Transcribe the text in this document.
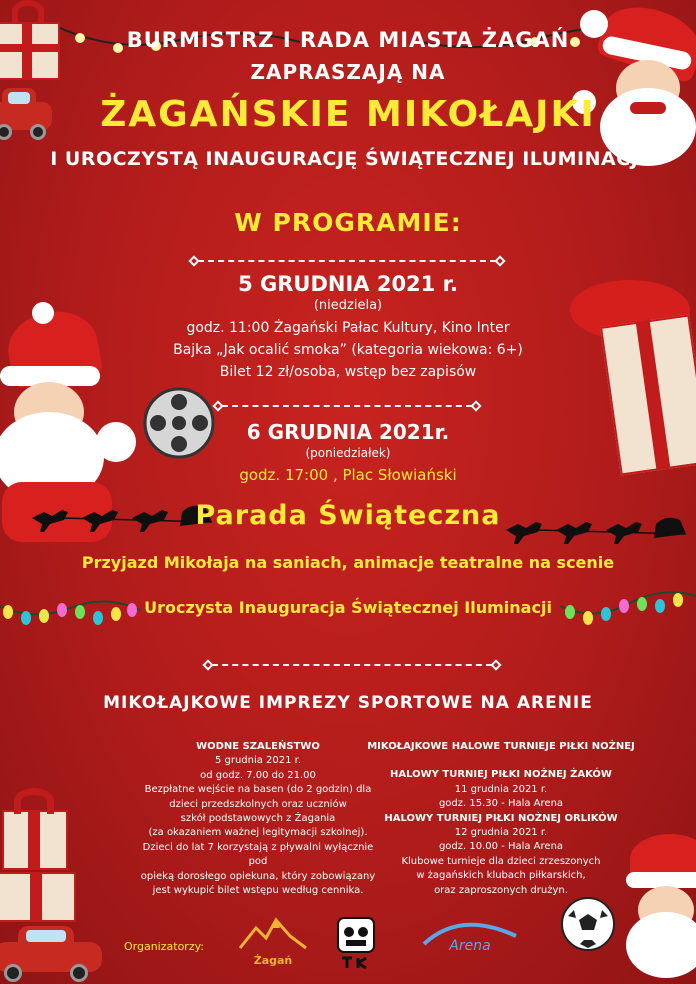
BURMISTRZ I RADA MIASTA ŻAGAŃ
ZAPRASZAJĄ NA
ŻAGAŃSKIE MIKOŁAJKI
I UROCZYSTĄ INAUGURACJĘ ŚWIĄTECZNEJ ILUMINACJI
W PROGRAMIE:
5 GRUDNIA 2021 r.
(niedziela)
godz. 11:00 Żagański Pałac Kultury, Kino Inter
Bajka „Jak ocalić smoka” (kategoria wiekowa: 6+)
Bilet 12 zł/osoba, wstęp bez zapisów
6 GRUDNIA 2021r.
(poniedziałek)
godz. 17:00 , Plac Słowiański
Parada Świąteczna
Przyjazd Mikołaja na saniach, animacje teatralne na scenie
Uroczysta Inauguracja Świątecznej Iluminacji
MIKOŁAJKOWE IMPREZY SPORTOWE NA ARENIE
WODNE SZALEŃSTWO
5 grudnia 2021 r.
od godz. 7.00 do 21.00
Bezpłatne wejście na basen (do 2 godzin) dla
dzieci przedszkolnych oraz uczniów
szkół podstawowych z Żagania
(za okazaniem ważnej legitymacji szkolnej).
Dzieci do lat 7 korzystają z pływalni wyłącznie pod
opieką dorosłego opiekuna, który zobowiązany
jest wykupić bilet wstępu według cennika.
MIKOŁAJKOWE HALOWE TURNIEJE PIŁKI NOŻNEJ
HALOWY TURNIEJ PIŁKI NOŻNEJ ŻAKÓW
11 grudnia 2021 r.
godz. 15.30 - Hala Arena
HALOWY TURNIEJ PIŁKI NOŻNEJ ORLIKÓW
12 grudnia 2021 r.
godz. 10.00 - Hala Arena
Klubowe turnieje dla dzieci zrzeszonych
w żagańskich klubach piłkarskich,
oraz zaproszonych drużyn.
Organizatorzy:
Żagań
Arena
